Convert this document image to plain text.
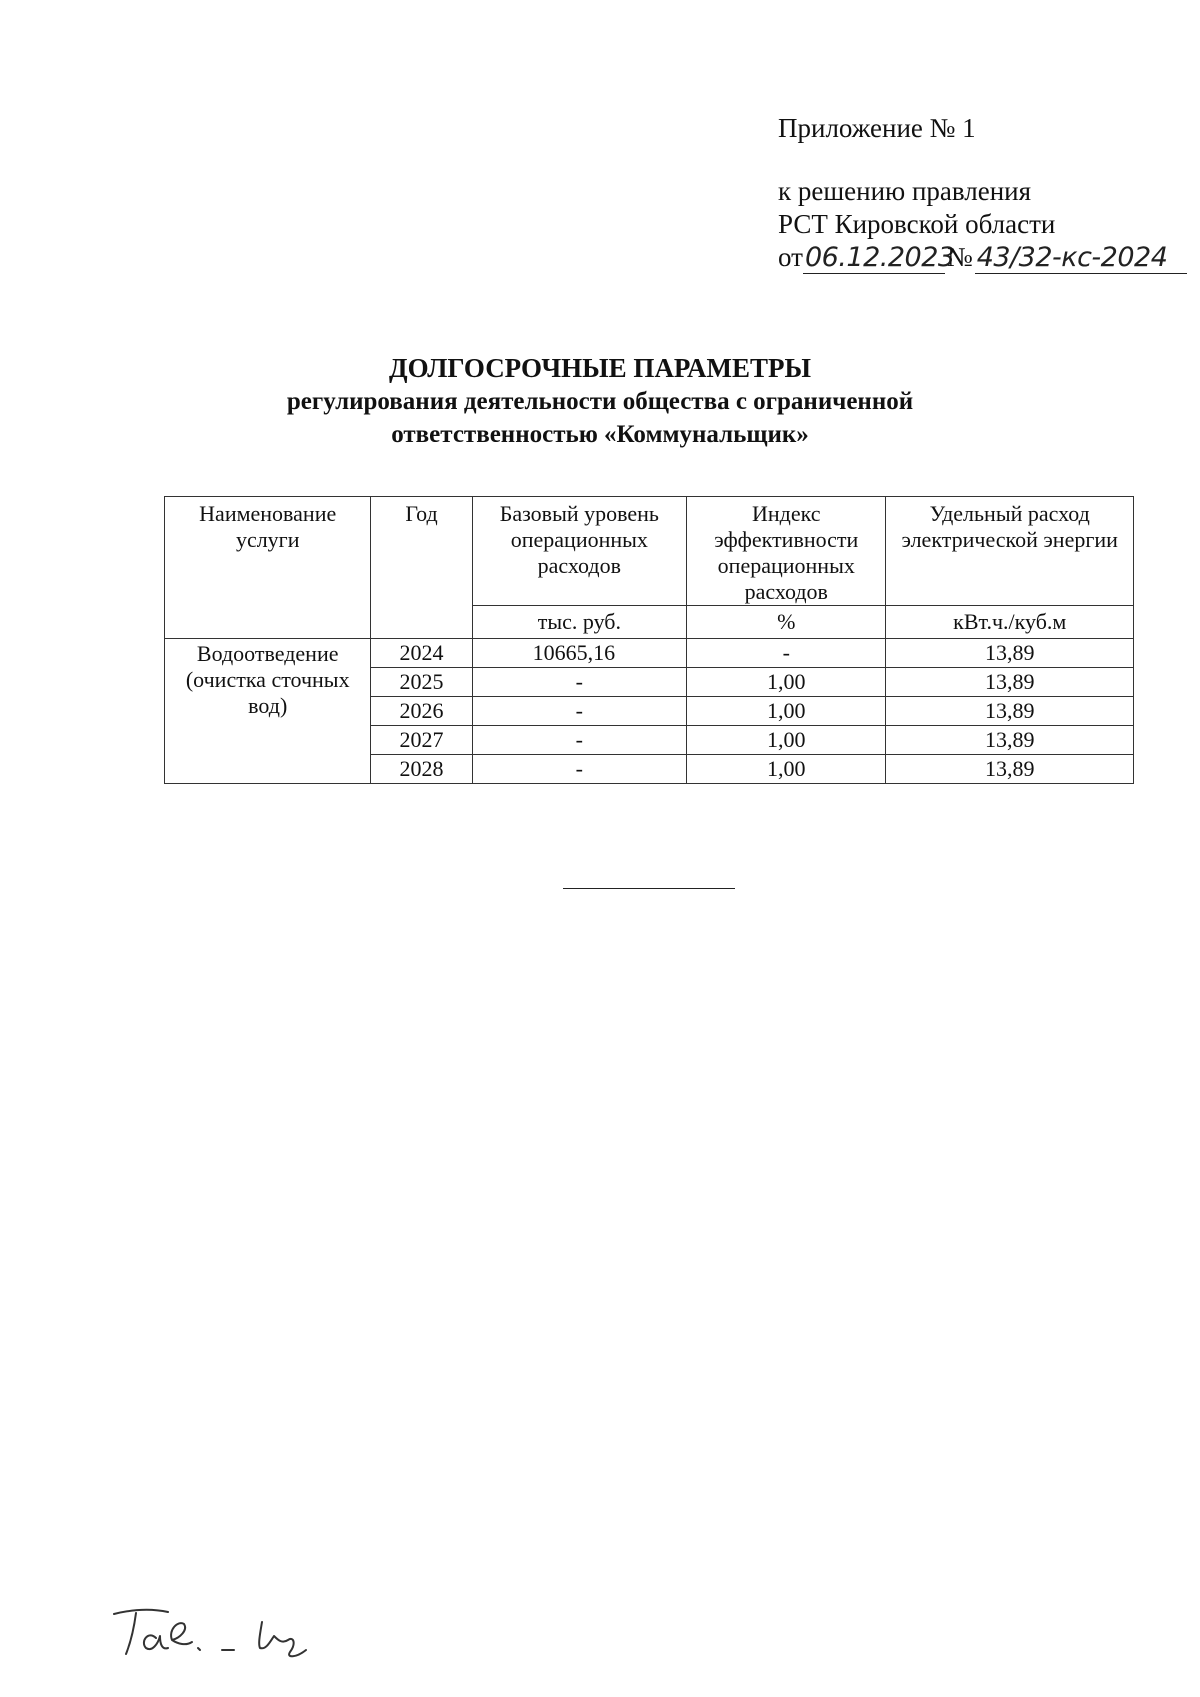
Приложение № 1
к решению правления
РСТ Кировской области
от 06.12.2023
№ 43/32-кс-2024
ДОЛГОСРОЧНЫЕ ПАРАМЕТРЫ
регулирования деятельности общества с ограниченной
ответственностью «Коммунальщик»
Наименование услуги	Год	Базовый уровень операционных расходов	Индекс эффективности операционных расходов	Удельный расход электрической энергии
		тыс. руб.	%	кВт.ч./куб.м
Водоотведение (очистка сточных вод)	2024	10665,16	-	13,89
	2025	-	1,00	13,89
	2026	-	1,00	13,89
	2027	-	1,00	13,89
	2028	-	1,00	13,89
